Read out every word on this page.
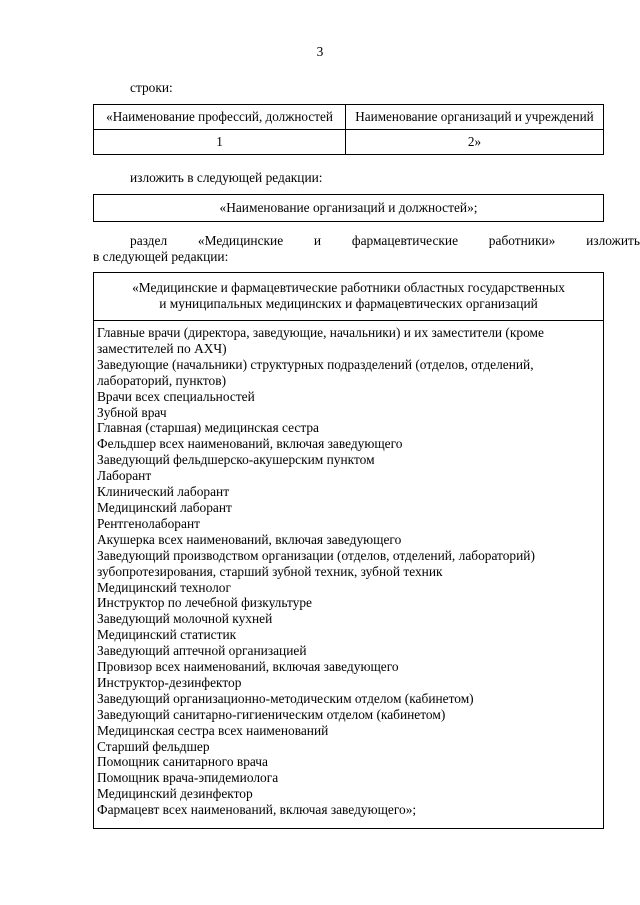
3
строки:
«Наименование профессий, должностей	Наименование организаций и учреждений
1	2»
изложить в следующей редакции:
«Наименование организаций и должностей»;
раздел «Медицинские и фармацевтические работники» изложить
в следующей редакции:
«Медицинские и фармацевтические работники областных государственных
и муниципальных медицинских и фармацевтических организаций
Главные врачи (директора, заведующие, начальники) и их заместители (кроме
заместителей по АХЧ)
Заведующие (начальники) структурных подразделений (отделов, отделений,
лабораторий, пунктов)
Врачи всех специальностей
Зубной врач
Главная (старшая) медицинская сестра
Фельдшер всех наименований, включая заведующего
Заведующий фельдшерско-акушерским пунктом
Лаборант
Клинический лаборант
Медицинский лаборант
Рентгенолаборант
Акушерка всех наименований, включая заведующего
Заведующий производством организации (отделов, отделений, лабораторий)
зубопротезирования, старший зубной техник, зубной техник
Медицинский технолог
Инструктор по лечебной физкультуре
Заведующий молочной кухней
Медицинский статистик
Заведующий аптечной организацией
Провизор всех наименований, включая заведующего
Инструктор-дезинфектор
Заведующий организационно-методическим отделом (кабинетом)
Заведующий санитарно-гигиеническим отделом (кабинетом)
Медицинская сестра всех наименований
Старший фельдшер
Помощник санитарного врача
Помощник врача-эпидемиолога
Медицинский дезинфектор
Фармацевт всех наименований, включая заведующего»;
